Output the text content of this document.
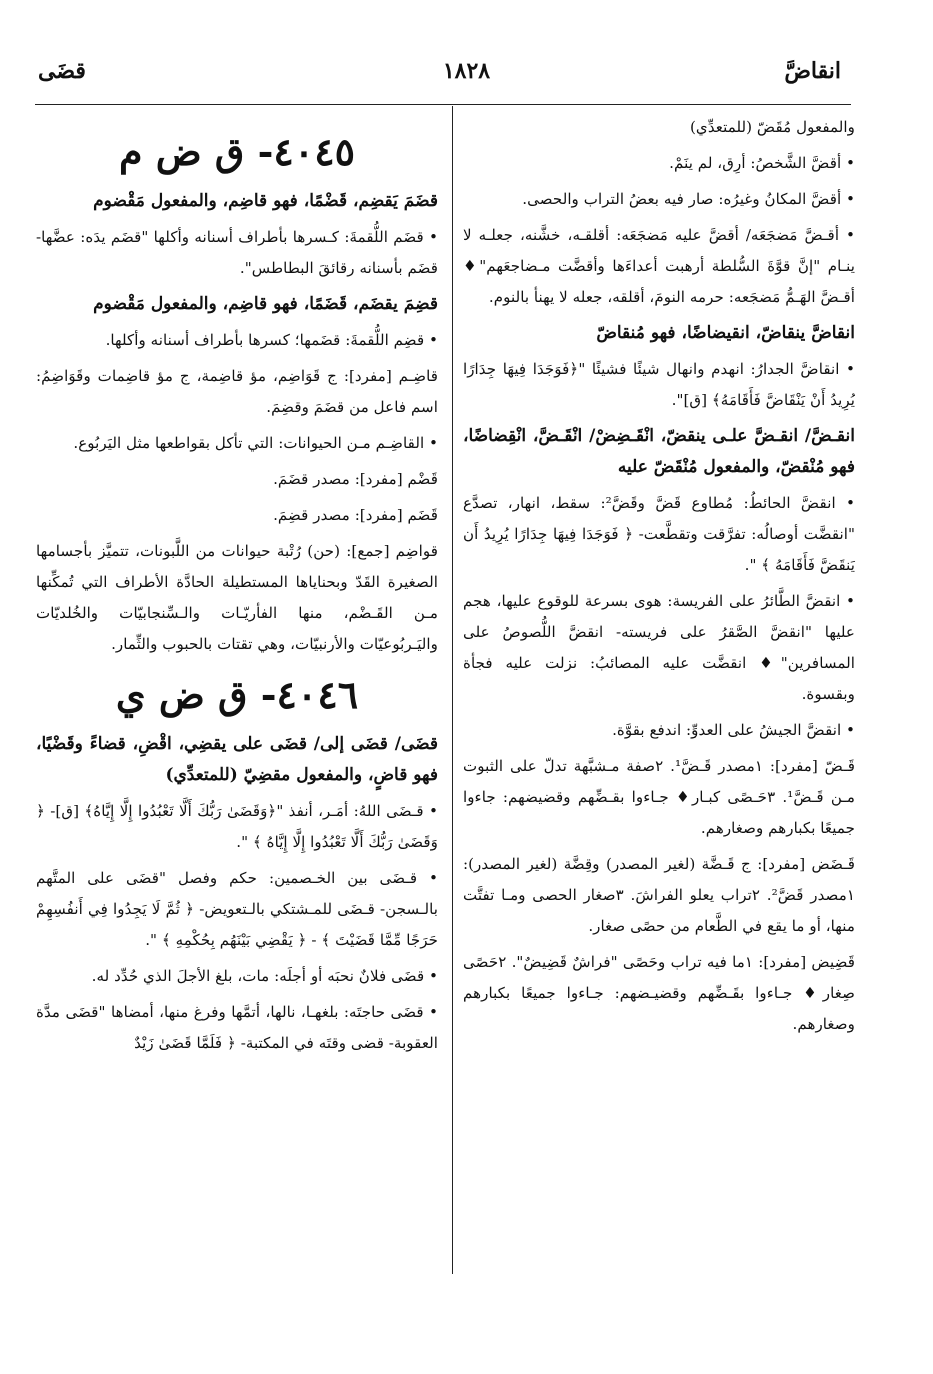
انقاضَّ
١٨٢٨
قضَى

والمفعول مُقَضّ (للمتعدِّي)

• أقضَّ الشَّخصُ: أرِق، لم ينَمْ.

• أقضَّ المكانُ وغيرُه: صار فيه بعضُ التراب والحصى.

• أقـضَّ مَضجَعَه/ أقضَّ عليه مَضجَعَه: أقلقـه، خشَّنه، جعلـه لا ينـام "إنَّ قوَّةَ السُّلطة أرهبت أعداءَها وأقضَّت مـضاجعَهم"♦ أقـضَّ الهَـمُّ مَضجَعه: حرمه النومَ، أقلقه، جعله لا يهنأ بالنوم.

انقاضَّ ينقاضّ، انقيضاضًا، فهو مُنقاضّ

• انقاضَّ الجدارُ: انهدم وانهال شيئًا فشيئًا "﴿فَوَجَدَا فِيهَا جِدَارًا يُرِيدُ أَنْ يَنْقَاضَّ فَأَقَامَهُ﴾ [ق]".

انقـضَّ/ انقـضَّ علـى ينقضّ، انْقَـضِضْ/ انْقَـضَّ، انْقِضاضًا، فهو مُنْقضّ، والمفعول مُنْقَضّ عليه

• انقضَّ الحائطُ: مُطاوع قَضَّ وقَضَّ²: سقط، انهار، تصدَّع "انقضَّت أوصالُه: تفرَّقت وتقطَّعت- ﴿ فَوَجَدَا فِيهَا جِدَارًا يُرِيدُ أَن يَنقَضَّ فَأَقَامَهُ ﴾ ".

• انقضَّ الطَّائرُ على الفريسة: هوى بسرعة للوقوع عليها، هجم عليها "انقضَّ الصَّقرُ على فريسته- انقضَّ اللُّصوصُ على المسافرين"♦ انقضَّت عليه المصائبُ: نزلت عليه فجأة وبقسوة.

• انقضَّ الجيشُ على العدوِّ: اندفع بقوَّة.

قَـضّ [مفرد]: ١مصدر قَـضَّ¹. ٢صفة مـشبَّهة تدلّ على الثبوت مـن قَـضَّ¹. ٣حَـصًى كبـار♦ جـاءوا بقـضِّهم وقضيضهم: جاءوا جميعًا بكبارهم وصغارهم.

قَـضَض [مفرد]: ج قَـضَّة (لغير المصدر) وقِضَّة (لغير المصدر): ١مصدر قَضَّ². ٢تراب يعلو الفراشَ. ٣صغار الحصى ومـا تفتَّت منها، أو ما يقع في الطَّعام من حصًى صغار.

قَضِيض [مفرد]: ١ما فيه تراب وحَصًى "فراشٌ قَضِيضٌ". ٢حَصًى صِغار♦ جـاءوا بقَـضِّهم وقضيـضهم: جـاءوا جميعًا بكبارهم وصغارهم.

٤٠٤٥- ق ض م

قضَمَ يَقضِم، قَضْمًا، فهو قاضِم، والمفعول مَقْضوم

• قضَم اللُّقمةَ: كـسرها بأطراف أسنانه وأكلها "قضَم يدَه: عضَّها- قضَم بأسنانه رقائقَ البطاطس".

قضِمَ يقضَم، قَضَمًا، فهو قاضِم، والمفعول مَقْضوم

• قضِم اللُّقمةَ: قضَمها؛ كسرها بأطراف أسنانه وأكلها.

قاضِـم [مفرد]: ج قَوَاضِم، مؤ قاضِمة، ج مؤ قاضِمات وقَوَاضِمُ: اسم فاعل من قضَمَ وقضِمَ.

• القاضِـم مـن الحيوانات: التي تأكل بقواطعها مثل اليَربُوع.

قَضْم [مفرد]: مصدر قضَمَ.

قَضَم [مفرد]: مصدر قضِمَ.

قواضِم [جمع]: (حن) رُتْبة حيوانات من اللَّبونات، تتميَّز بأجسامها الصغيرة القَدّ وبحناياها المستطيلة الحادَّة الأطراف التي تُمكِّنها مـن القَـضْم، منها الفأريّـات والـسِّنجابيّات والخُلديّات واليَـربُوعيّات والأرنبيّات، وهي تقتات بالحبوب والثِّمار.

٤٠٤٦- ق ض ي

قضَى/ قضَى إلى/ قضَى على يقضِي، اقْضِ، قضاءً وقَضْيًا، فهو قاضٍ، والمفعول مقضِيّ (للمتعدِّي)

• قـضَى اللهُ: أمَـر، أنفذ "﴿وَقَضَىٰ رَبُّكَ أَلَّا تَعْبُدُوا إِلَّا إِيَّاهُ﴾ [ق]- ﴿ وَقَضَىٰ رَبُّكَ أَلَّا تَعْبُدُوا إِلَّا إِيَّاهُ ﴾ ".

• قـضَى بين الخـصمين: حكم وفصل "قضَى على المتَّهم بالـسجن- قـضَى للمـشتكي بالـتعويض- ﴿ ثُمَّ لَا يَجِدُوا فِي أَنفُسِهِمْ حَرَجًا مِّمَّا قَضَيْتَ ﴾ - ﴿ يَقْضِي بَيْنَهُم بِحُكْمِهِ ﴾ ".

• قضَى فلانٌ نحبَه أو أجلَه: مات، بلغ الأجلَ الذي حُدِّد له.

• قضَى حاجتَه: بلغهـا، نالها، أتمَّها وفرغ منها، أمضاها "قضَى مدَّة العقوبة- قضى وقتَه في المكتبة- ﴿ فَلَمَّا قَضَىٰ زَيْدٌ
